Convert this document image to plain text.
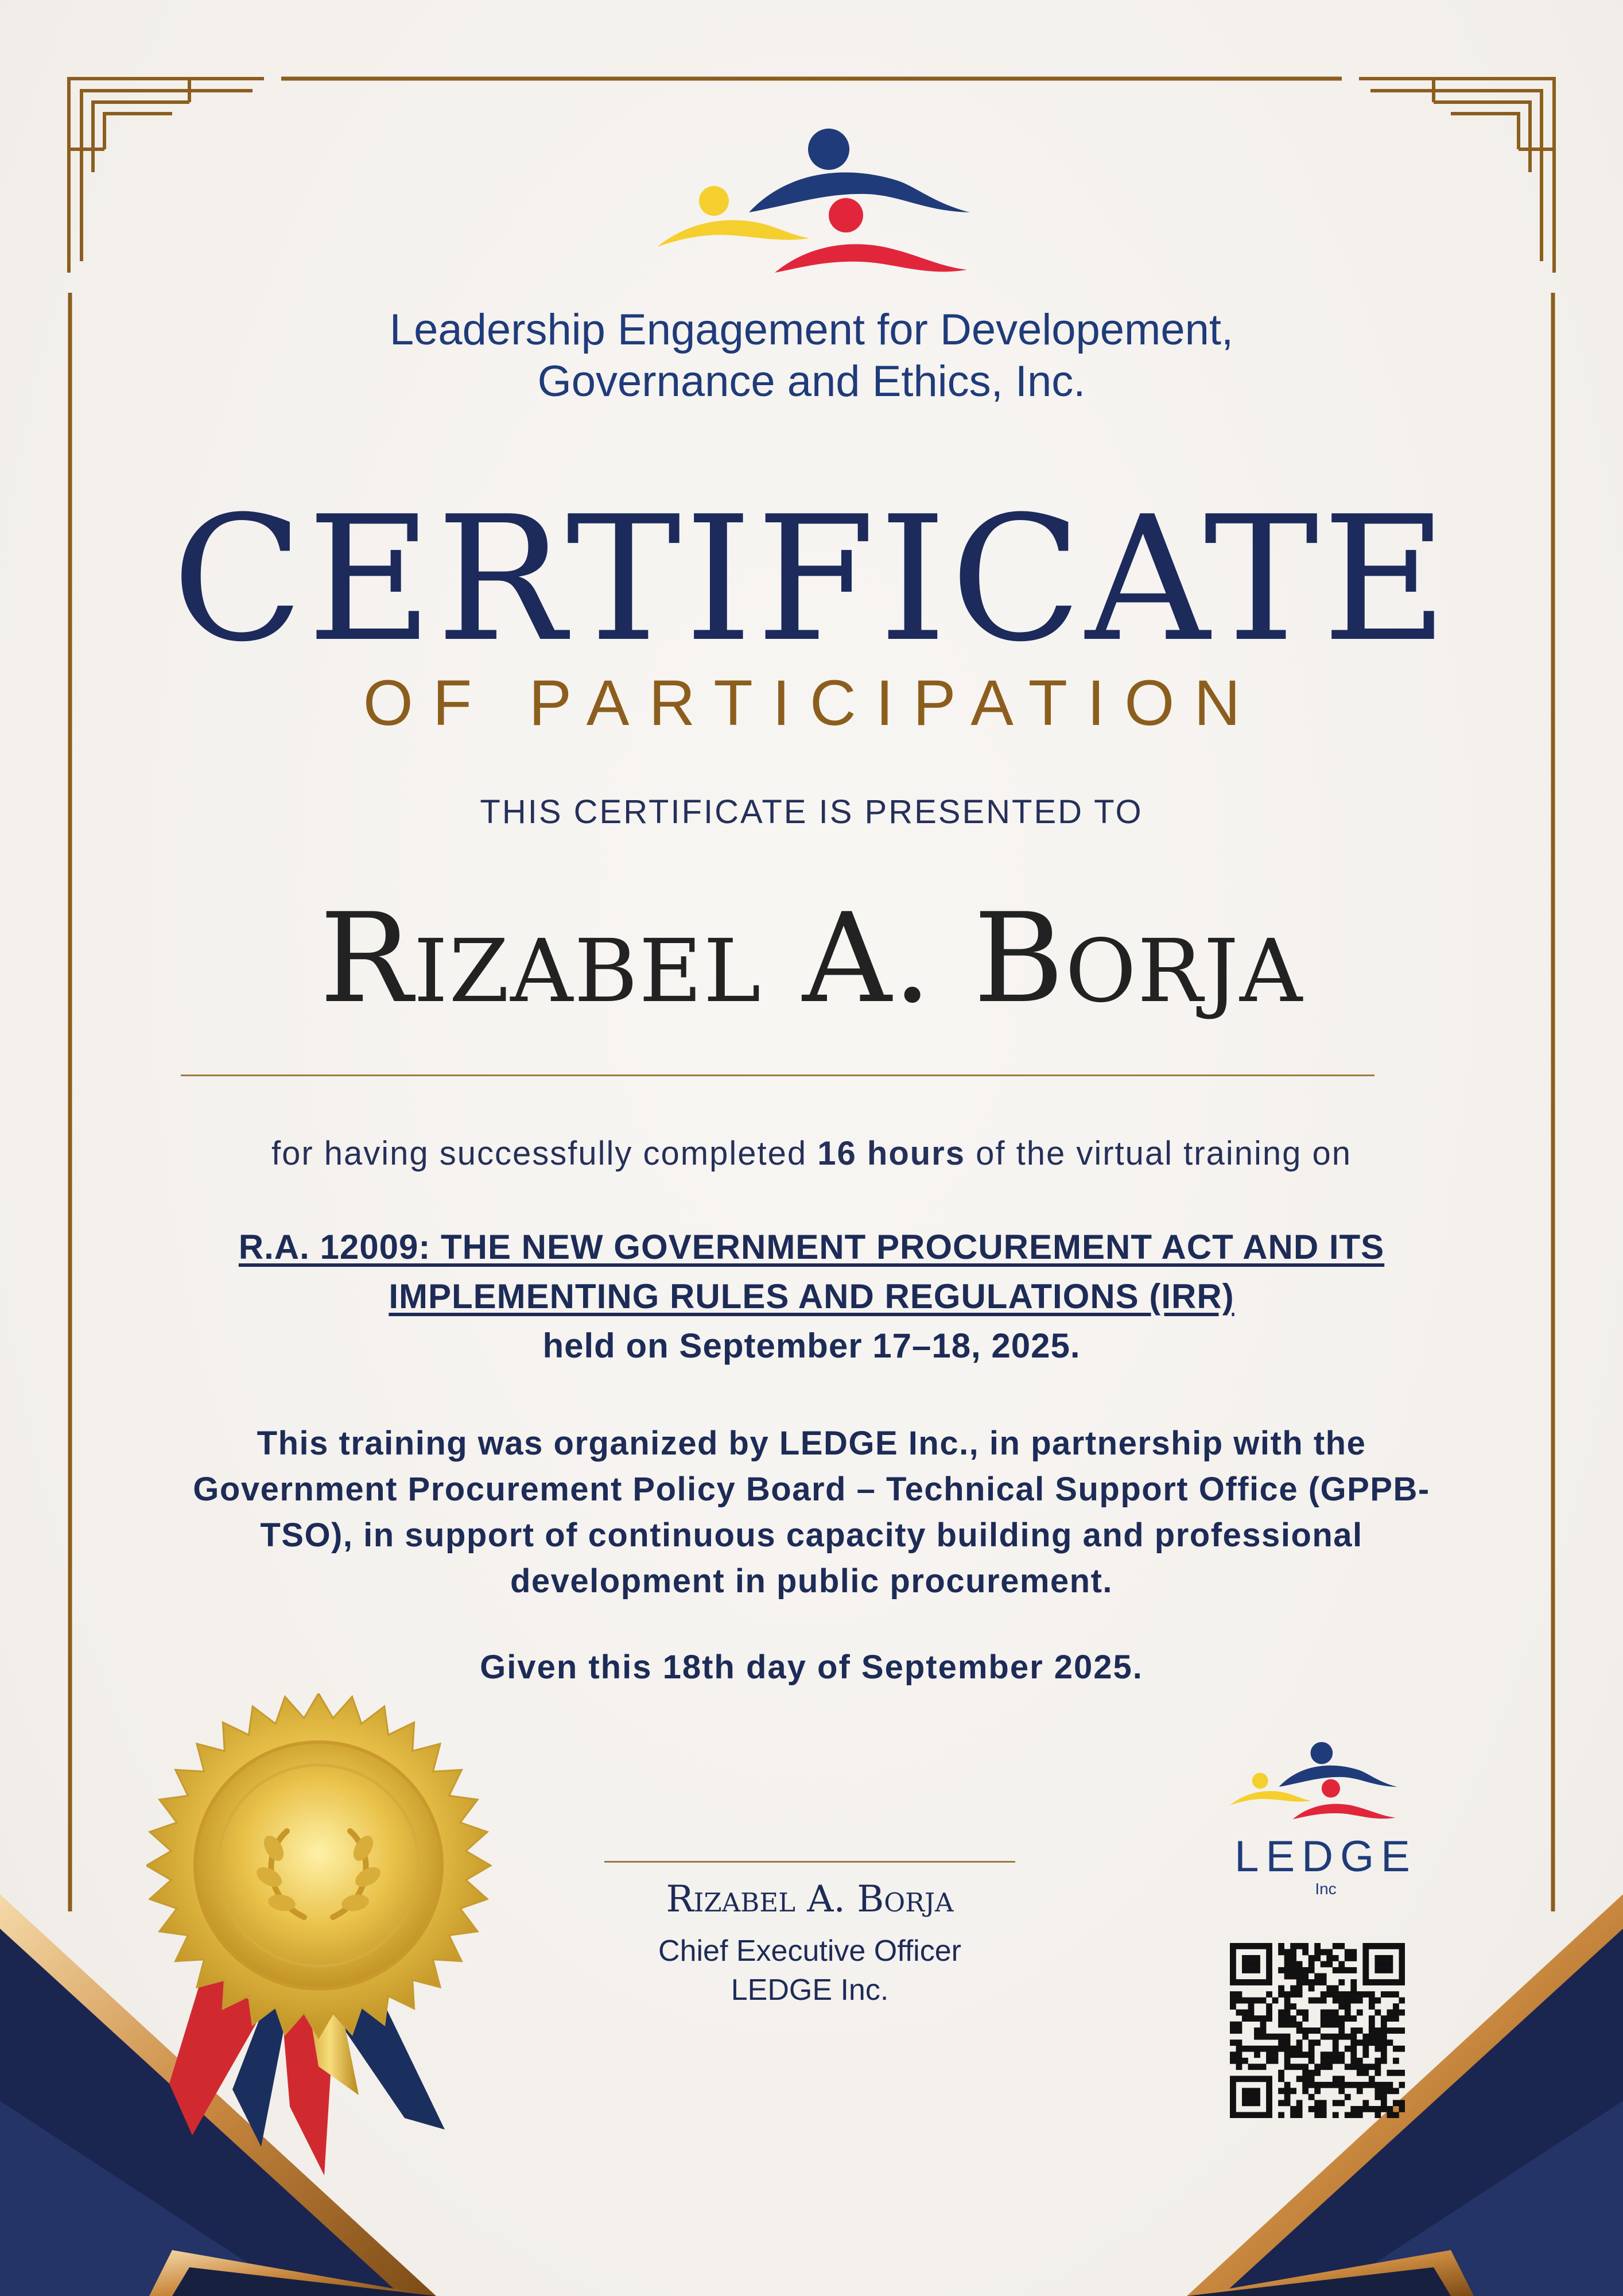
Leadership Engagement for Developement,
Governance and Ethics, Inc.
CERTIFICATE
OF PARTICIPATION
THIS CERTIFICATE IS PRESENTED TO
Rizabel A. Borja
for having successfully completed 16 hours of the virtual training on
R.A. 12009: THE NEW GOVERNMENT PROCUREMENT ACT AND ITS
IMPLEMENTING RULES AND REGULATIONS (IRR)
held on September 17–18, 2025.
This training was organized by LEDGE Inc., in partnership with the Government Procurement Policy Board – Technical Support Office (GPPB-TSO), in support of continuous capacity building and professional development in public procurement.
Given this 18th day of September 2025.
Rizabel A. Borja
Chief Executive Officer
LEDGE Inc.
LEDGE
Inc
